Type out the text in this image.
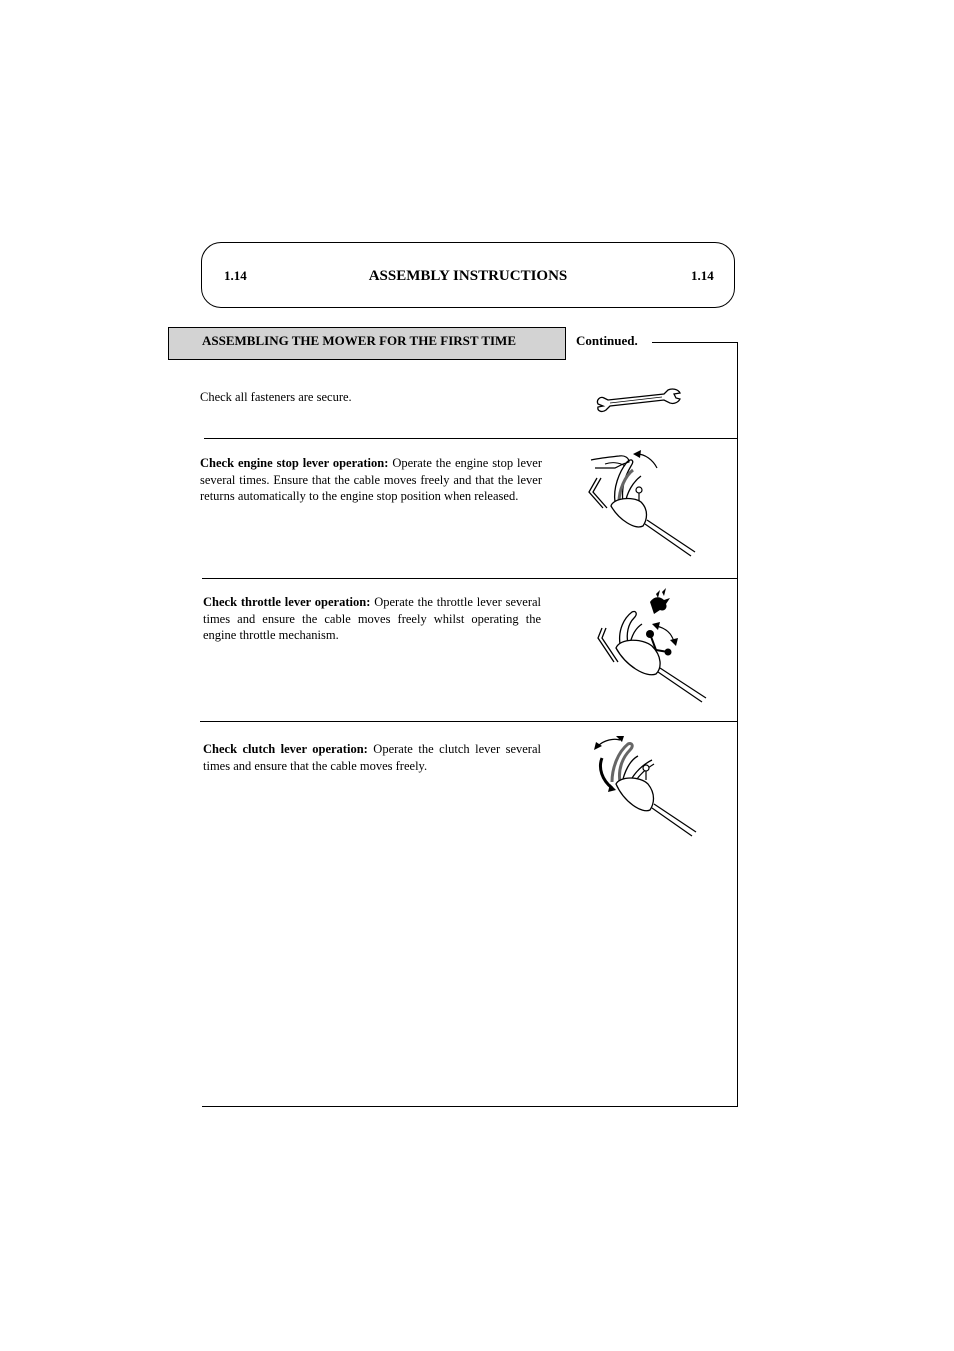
1.14	ASSEMBLY INSTRUCTIONS	1.14
ASSEMBLING THE MOWER FOR THE FIRST TIME	Continued.
Check all fasteners are secure.
Check engine stop lever operation: Operate the engine stop lever several times. Ensure that the cable moves freely and that the lever returns automatically to the engine stop position when released.
Check throttle lever operation: Operate the throttle lever several times and ensure the cable moves freely whilst operating the engine throttle mechanism.
Check clutch lever operation: Operate the clutch lever several times and ensure that the cable moves freely.
